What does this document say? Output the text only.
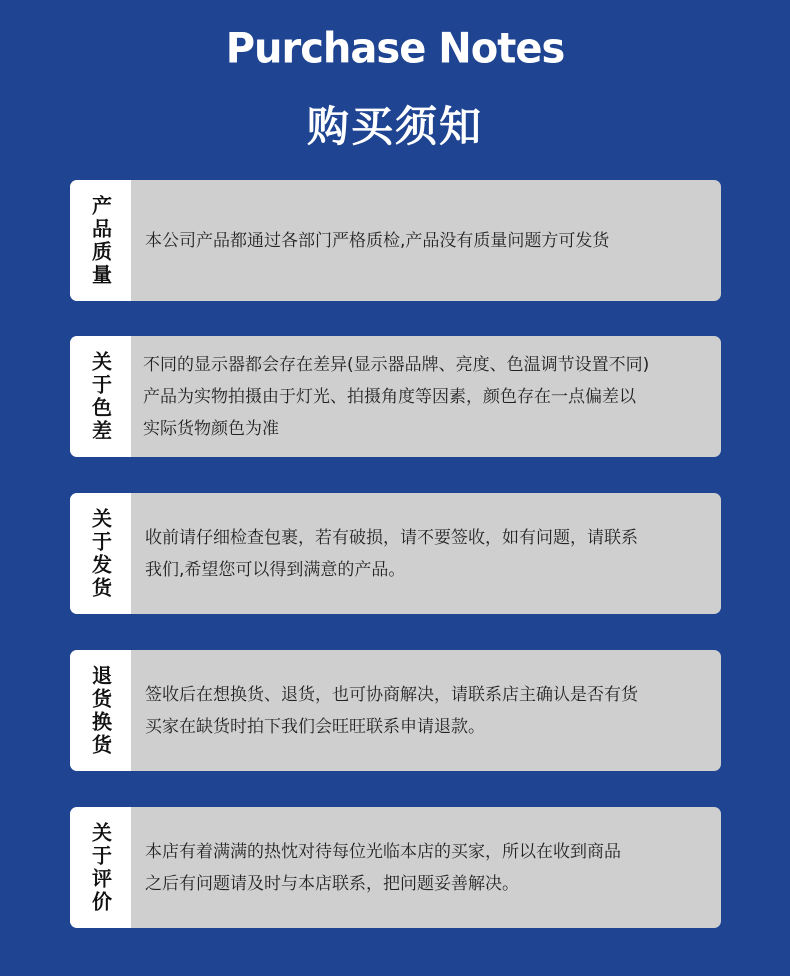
Purchase Notes
购买须知
产品质量 本公司产品都通过各部门严格质检,产品没有质量问题方可发货
关于色差 不同的显示器都会存在差异(显示器品牌、亮度、色温调节设置不同)
产品为实物拍摄由于灯光、拍摄角度等因素，颜色存在一点偏差以
实际货物颜色为准
关于发货 收前请仔细检查包裹，若有破损，请不要签收，如有问题，请联系
我们,希望您可以得到满意的产品。
退货换货 签收后在想换货、退货，也可协商解决，请联系店主确认是否有货
买家在缺货时拍下我们会旺旺联系申请退款。
关于评价 本店有着满满的热忱对待每位光临本店的买家，所以在收到商品
之后有问题请及时与本店联系，把问题妥善解决。
